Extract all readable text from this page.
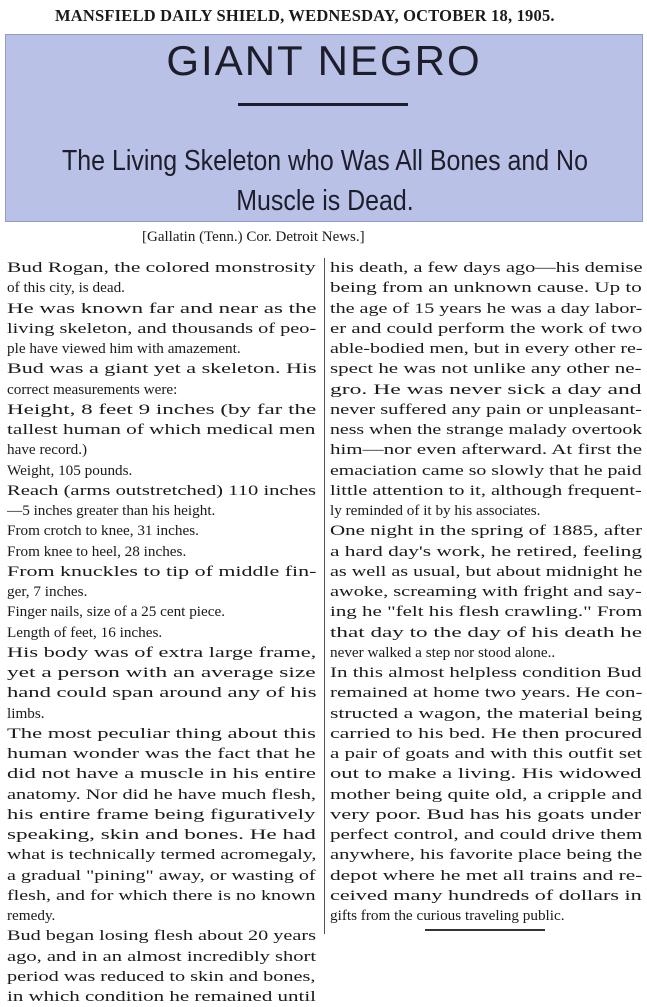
MANSFIELD DAILY SHIELD, WEDNESDAY, OCTOBER 18, 1905.
GIANT NEGRO
The Living Skeleton who Was All Bones and No
Muscle is Dead.
[Gallatin (Tenn.) Cor. Detroit News.]
Bud Rogan, the colored monstrosity
of this city, is dead.
He was known far and near as the
living skeleton, and thousands of peo-
ple have viewed him with amazement.
Bud was a giant yet a skeleton. His
correct measurements were:
Height, 8 feet 9 inches (by far the
tallest human of which medical men
have record.)
Weight, 105 pounds.
Reach (arms outstretched) 110 inches
—5 inches greater than his height.
From crotch to knee, 31 inches.
From knee to heel, 28 inches.
From knuckles to tip of middle fin-
ger, 7 inches.
Finger nails, size of a 25 cent piece.
Length of feet, 16 inches.
His body was of extra large frame,
yet a person with an average size
hand could span around any of his
limbs.
The most peculiar thing about this
human wonder was the fact that he
did not have a muscle in his entire
anatomy. Nor did he have much flesh,
his entire frame being figuratively
speaking, skin and bones. He had
what is technically termed acromegaly,
a gradual "pining" away, or wasting of
flesh, and for which there is no known
remedy.
Bud began losing flesh about 20 years
ago, and in an almost incredibly short
period was reduced to skin and bones,
in which condition he remained until
his death, a few days ago—his demise
being from an unknown cause. Up to
the age of 15 years he was a day labor-
er and could perform the work of two
able-bodied men, but in every other re-
spect he was not unlike any other ne-
gro. He was never sick a day and
never suffered any pain or unpleasant-
ness when the strange malady overtook
him—nor even afterward. At first the
emaciation came so slowly that he paid
little attention to it, although frequent-
ly reminded of it by his associates.
One night in the spring of 1885, after
a hard day's work, he retired, feeling
as well as usual, but about midnight he
awoke, screaming with fright and say-
ing he "felt his flesh crawling." From
that day to the day of his death he
never walked a step nor stood alone..
In this almost helpless condition Bud
remained at home two years. He con-
structed a wagon, the material being
carried to his bed. He then procured
a pair of goats and with this outfit set
out to make a living. His widowed
mother being quite old, a cripple and
very poor. Bud has his goats under
perfect control, and could drive them
anywhere, his favorite place being the
depot where he met all trains and re-
ceived many hundreds of dollars in
gifts from the curious traveling public.
